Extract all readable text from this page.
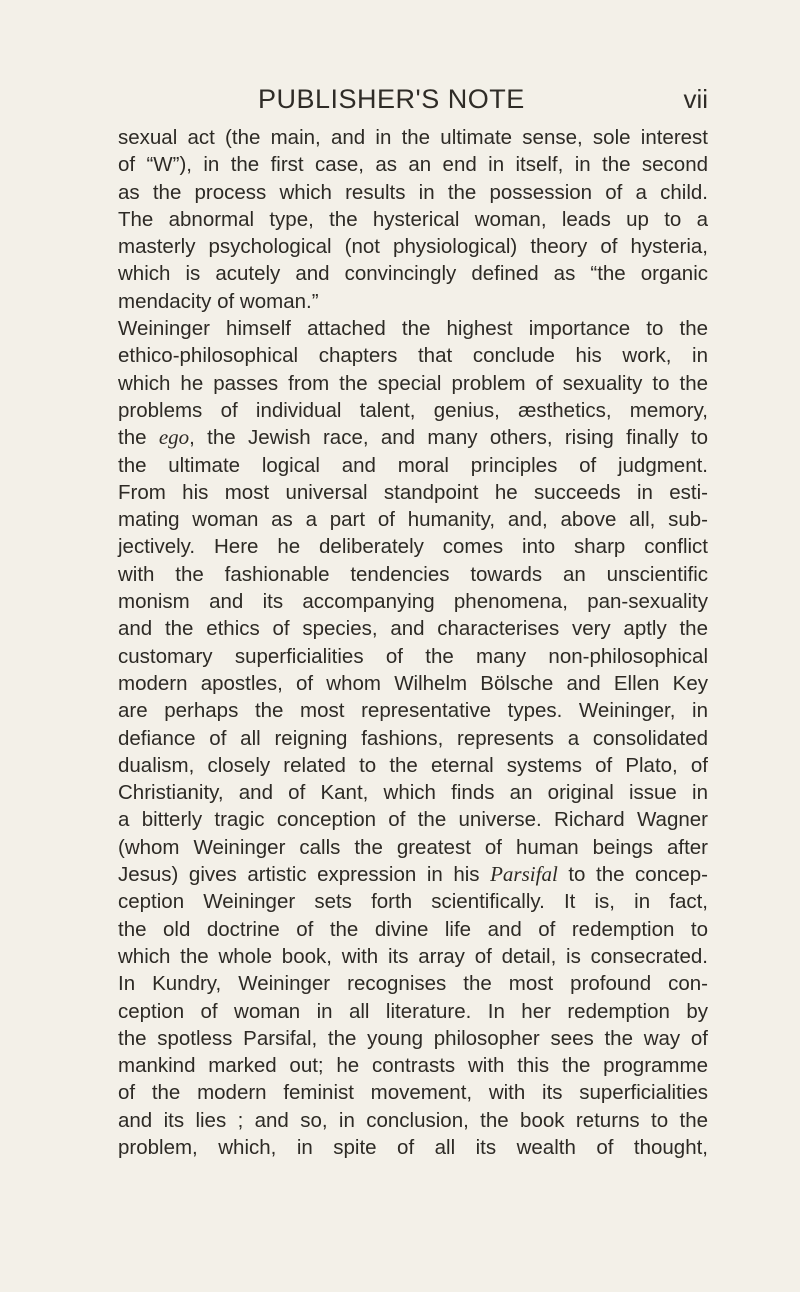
PUBLISHER'S NOTE	vii
sexual act (the main, and in the ultimate sense, sole interest
of “W”), in the first case, as an end in itself, in the second
as the process which results in the possession of a child.
The abnormal type, the hysterical woman, leads up to a
masterly psychological (not physiological) theory of hysteria,
which is acutely and convincingly defined as “the organic
mendacity of woman.”
Weininger himself attached the highest importance to the
ethico-philosophical chapters that conclude his work, in
which he passes from the special problem of sexuality to the
problems of individual talent, genius, æsthetics, memory,
the ego, the Jewish race, and many others, rising finally to
the ultimate logical and moral principles of judgment.
From his most universal standpoint he succeeds in esti-
mating woman as a part of humanity, and, above all, sub-
jectively. Here he deliberately comes into sharp conflict
with the fashionable tendencies towards an unscientific
monism and its accompanying phenomena, pan-sexuality
and the ethics of species, and characterises very aptly the
customary superficialities of the many non-philosophical
modern apostles, of whom Wilhelm Bölsche and Ellen Key
are perhaps the most representative types. Weininger, in
defiance of all reigning fashions, represents a consolidated
dualism, closely related to the eternal systems of Plato, of
Christianity, and of Kant, which finds an original issue in
a bitterly tragic conception of the universe. Richard Wagner
(whom Weininger calls the greatest of human beings after
Jesus) gives artistic expression in his Parsifal to the concep-
ception Weininger sets forth scientifically. It is, in fact,
the old doctrine of the divine life and of redemption to
which the whole book, with its array of detail, is consecrated.
In Kundry, Weininger recognises the most profound con-
ception of woman in all literature. In her redemption by
the spotless Parsifal, the young philosopher sees the way of
mankind marked out; he contrasts with this the programme
of the modern feminist movement, with its superficialities
and its lies ; and so, in conclusion, the book returns to the
problem, which, in spite of all its wealth of thought,
